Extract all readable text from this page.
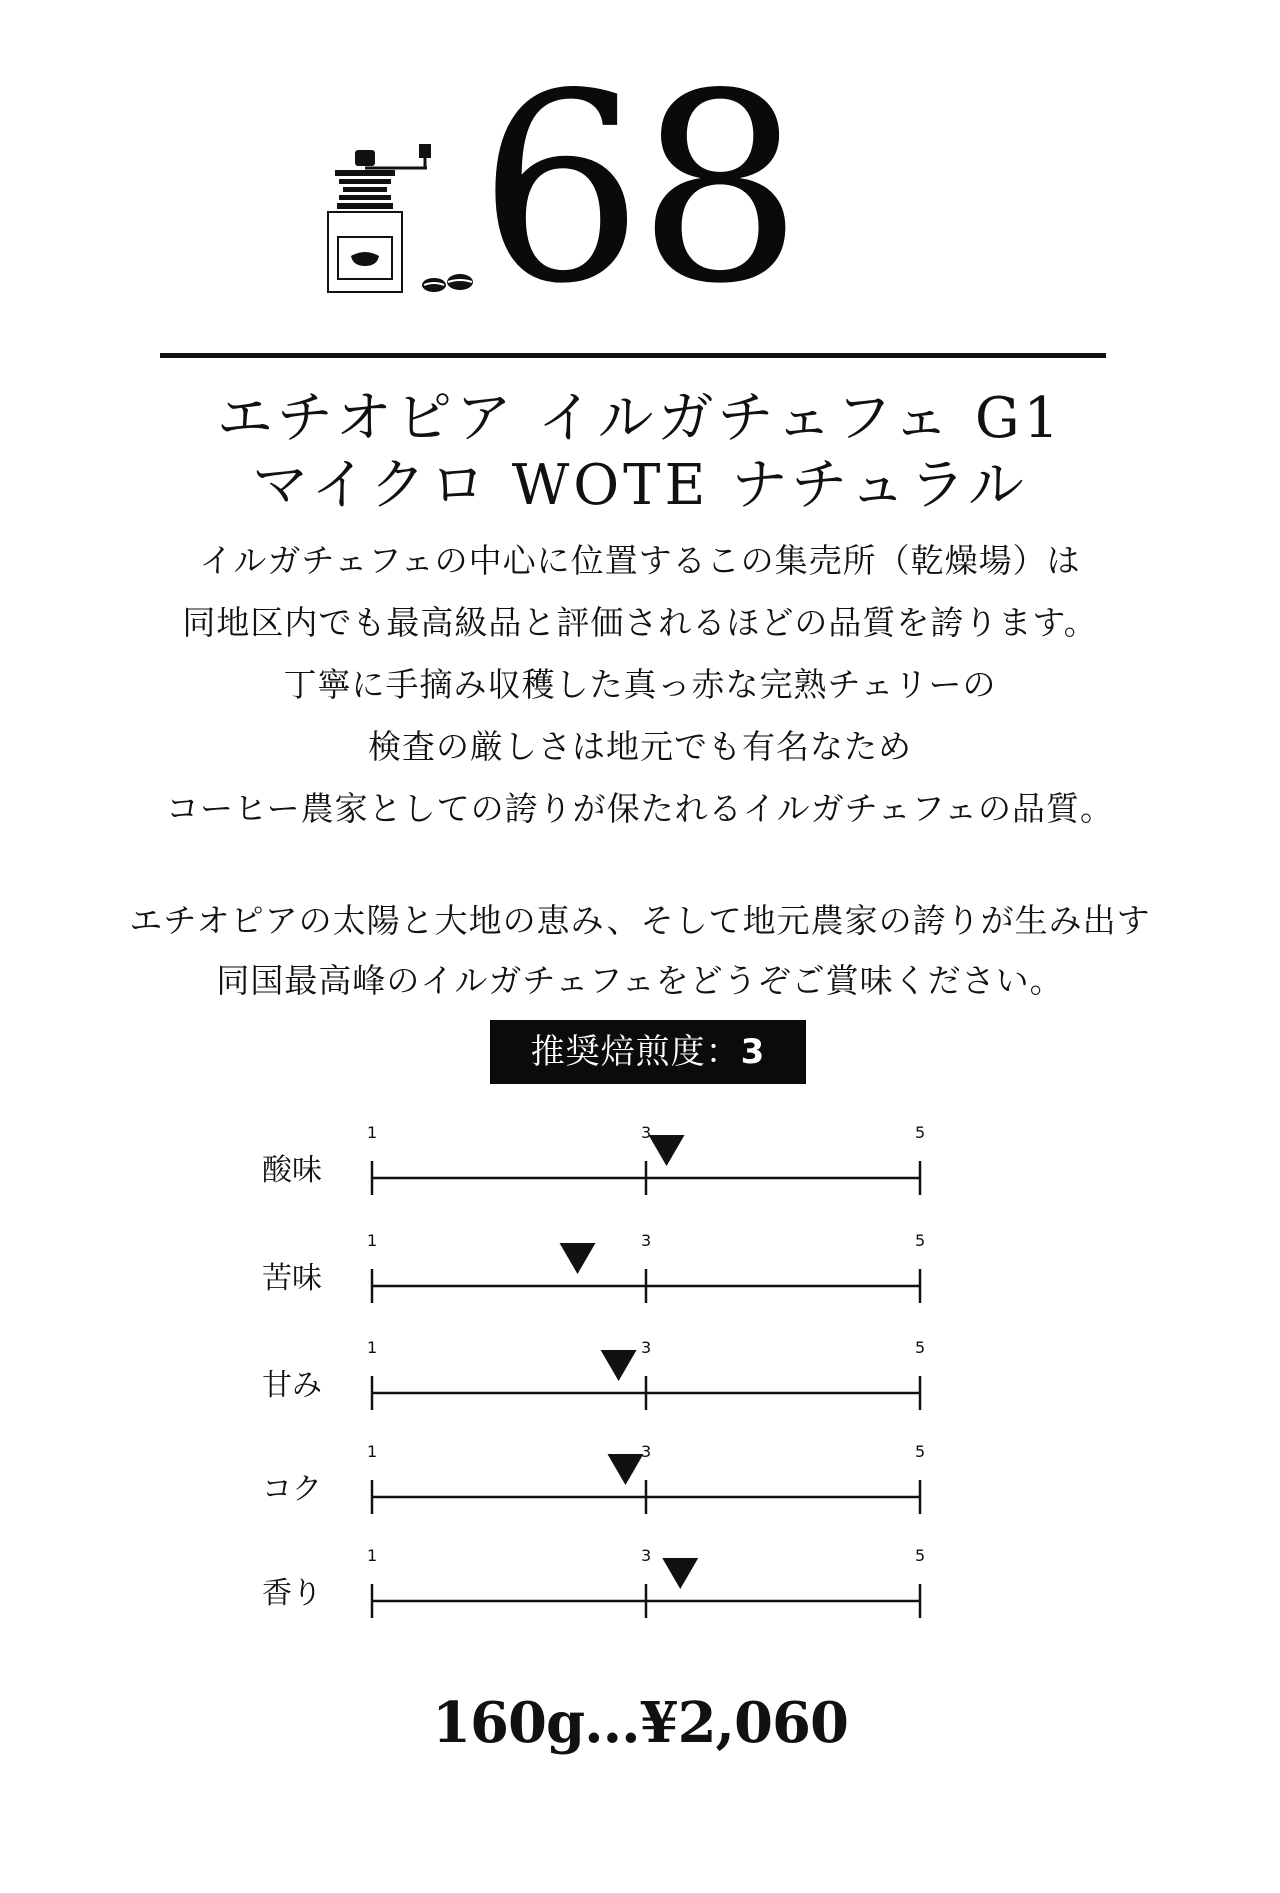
68
エチオピア イルガチェフェ G1
マイクロ WOTE ナチュラル
イルガチェフェの中心に位置するこの集売所（乾燥場）は
同地区内でも最高級品と評価されるほどの品質を誇ります。
丁寧に手摘み収穫した真っ赤な完熟チェリーの
検査の厳しさは地元でも有名なため
コーヒー農家としての誇りが保たれるイルガチェフェの品質。
エチオピアの太陽と大地の恵み、そして地元農家の誇りが生み出す
同国最高峰のイルガチェフェをどうぞご賞味ください。
推奨焙煎度：3
酸味
1	3	5
苦味
1	3	5
甘み
1	3	5
コク
1	3	5
香り
1	3	5
160g...¥2,060
